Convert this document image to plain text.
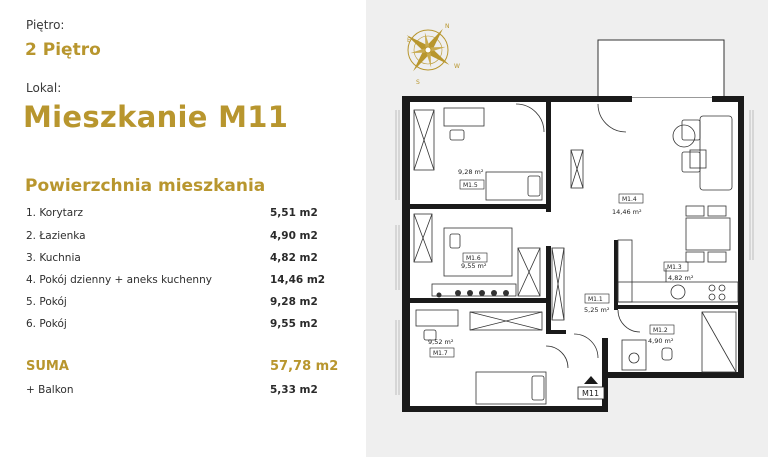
Piętro:
2 Piętro
Lokal:
Mieszkanie M11
Powierzchnia mieszkania
1. Korytarz	5,51 m2
2. Łazienka	4,90 m2
3. Kuchnia	4,82 m2
4. Pokój dzienny + aneks kuchenny	14,46 m2
5. Pokój	9,28 m2
6. Pokój	9,55 m2
SUMA	57,78 m2
+ Balkon	5,33 m2
E
N
W
S
9,28 m²
M1.5
9,55 m²
M1.6
9,52 m²
M1.7
14,46 m²
M1.4
4,82 m²
M1.3
5,25 m²
M1.1
4,90 m²
M1.2
M11
